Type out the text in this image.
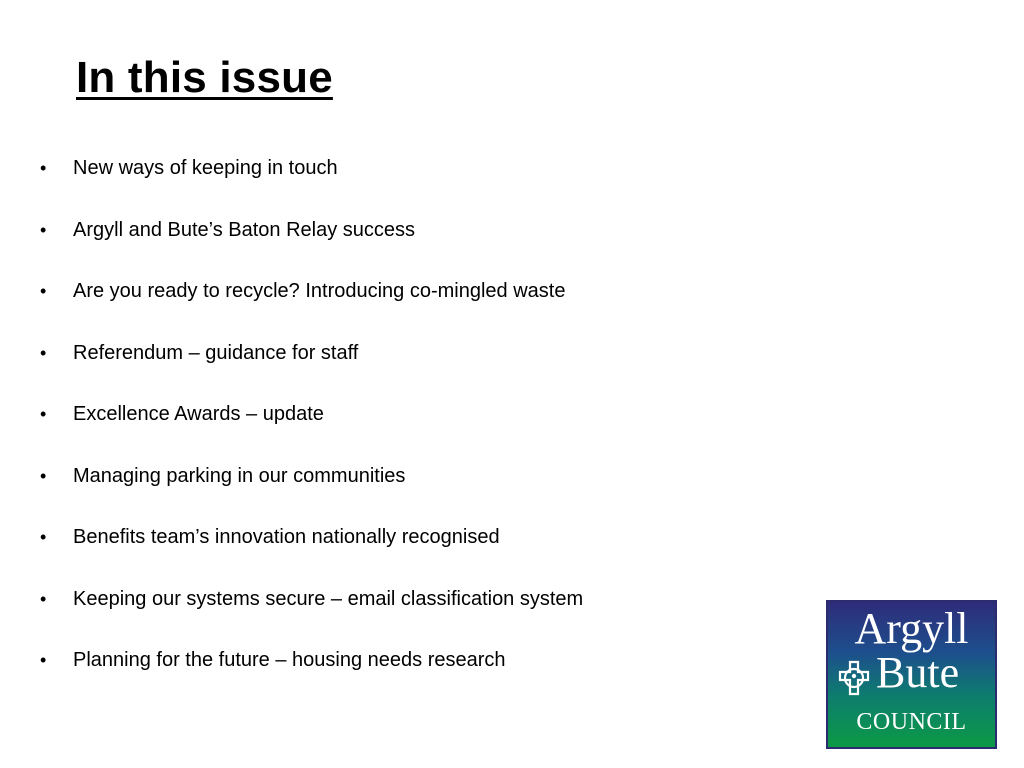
In this issue
•	New ways of keeping in touch
•	Argyll and Bute’s Baton Relay success
•	Are you ready to recycle? Introducing co-mingled waste
•	Referendum – guidance for staff
•	Excellence Awards – update
•	Managing parking in our communities
•	Benefits team’s innovation nationally recognised
•	Keeping our systems secure – email classification system
•	Planning for the future – housing needs research
Argyll
Bute
COUNCIL
